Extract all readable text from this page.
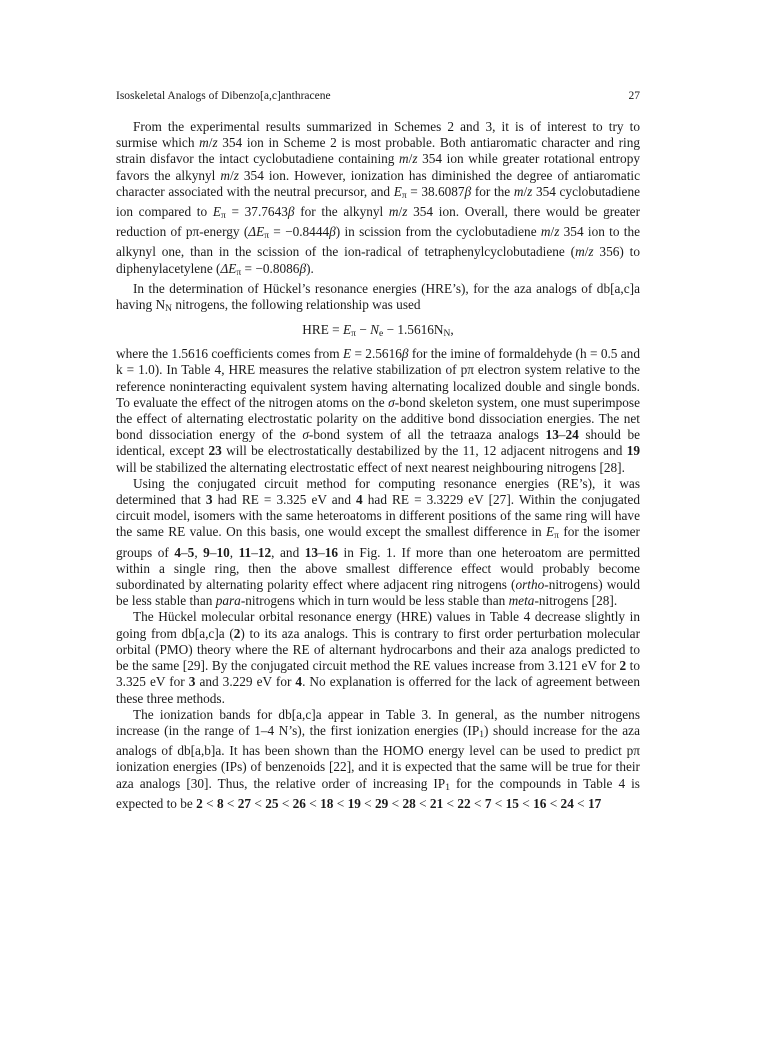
Isoskeletal Analogs of Dibenzo[a,c]anthracene	27

From the experimental results summarized in Schemes 2 and 3, it is of interest to try to surmise which m/z 354 ion in Scheme 2 is most probable. Both antiaromatic character and ring strain disfavor the intact cyclobutadiene containing m/z 354 ion while greater rotational entropy favors the alkynyl m/z 354 ion. However, ionization has diminished the degree of antiaromatic character associated with the neutral precursor, and $E_\pi = 38.6087\beta$ for the m/z 354 cyclobutadiene ion compared to $E_\pi = 37.7643\beta$ for the alkynyl m/z 354 ion. Overall, there would be greater reduction of pπ-energy $(\Delta E_\pi = -0.8444\beta)$ in scission from the cyclobutadiene m/z 354 ion to the alkynyl one, than in the scission of the ion-radical of tetraphenylcyclobutadiene (m/z 356) to diphenylacetylene $(\Delta E_\pi = -0.8086\beta)$.

In the determination of Hückel’s resonance energies (HRE’s), for the aza analogs of db[a,c]a having $N_N$ nitrogens, the following relationship was used

HRE = $E_\pi - N_e - 1.5616N_N$,

where the 1.5616 coefficients comes from E = 2.5616β for the imine of formaldehyde (h = 0.5 and k = 1.0). In Table 4, HRE measures the relative stabilization of pπ electron system relative to the reference noninteracting equivalent system having alternating localized double and single bonds. To evaluate the effect of the nitrogen atoms on the σ-bond skeleton system, one must superimpose the effect of alternating electrostatic polarity on the additive bond dissociation energies. The net bond dissociation energy of the σ-bond system of all the tetraaza analogs 13–24 should be identical, except 23 will be electrostatically destabilized by the 11, 12 adjacent nitrogens and 19 will be stabilized the alternating electrostatic effect of next nearest neighbouring nitrogens [28].

Using the conjugated circuit method for computing resonance energies (RE’s), it was determined that 3 had RE = 3.325 eV and 4 had RE = 3.3229 eV [27]. Within the conjugated circuit model, isomers with the same heteroatoms in different positions of the same ring will have the same RE value. On this basis, one would except the smallest difference in $E_\pi$ for the isomer groups of 4–5, 9–10, 11–12, and 13–16 in Fig. 1. If more than one heteroatom are permitted within a single ring, then the above smallest difference effect would probably become subordinated by alternating polarity effect where adjacent ring nitrogens (ortho-nitrogens) would be less stable than para-nitrogens which in turn would be less stable than meta-nitrogens [28].

The Hückel molecular orbital resonance energy (HRE) values in Table 4 decrease slightly in going from db[a,c]a (2) to its aza analogs. This is contrary to first order perturbation molecular orbital (PMO) theory where the RE of alternant hydrocarbons and their aza analogs predicted to be the same [29]. By the conjugated circuit method the RE values increase from 3.121 eV for 2 to 3.325 eV for 3 and 3.229 eV for 4. No explanation is offerred for the lack of agreement between these three methods.

The ionization bands for db[a,c]a appear in Table 3. In general, as the number nitrogens increase (in the range of 1–4 N’s), the first ionization energies $(IP_1)$ should increase for the aza analogs of db[a,b]a. It has been shown than the HOMO energy level can be used to predict pπ ionization energies (IPs) of benzenoids [22], and it is expected that the same will be true for their aza analogs [30]. Thus, the relative order of increasing $IP_1$ for the compounds in Table 4 is expected to be 2 < 8 < 27 < 25 < 26 < 18 < 19 < 29 < 28 < 21 < 22 < 7 < 15 < 16 < 24 < 17
